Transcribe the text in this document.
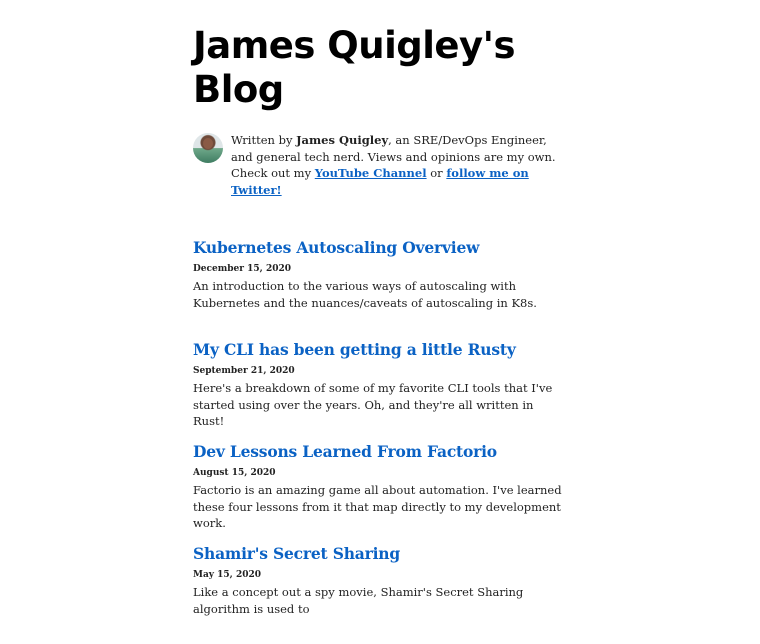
James Quigley's Blog

Written by James Quigley, an SRE/DevOps Engineer, and general tech nerd. Views and opinions are my own. Check out my YouTube Channel or follow me on Twitter!

Kubernetes Autoscaling Overview
December 15, 2020

An introduction to the various ways of autoscaling with Kubernetes and the nuances/caveats of autoscaling in K8s.

My CLI has been getting a little Rusty
September 21, 2020

Here's a breakdown of some of my favorite CLI tools that I've started using over the years. Oh, and they're all written in Rust!

Dev Lessons Learned From Factorio
August 15, 2020

Factorio is an amazing game all about automation. I've learned these four lessons from it that map directly to my development work.

Shamir's Secret Sharing
May 15, 2020

Like a concept out a spy movie, Shamir's Secret Sharing algorithm is used to
